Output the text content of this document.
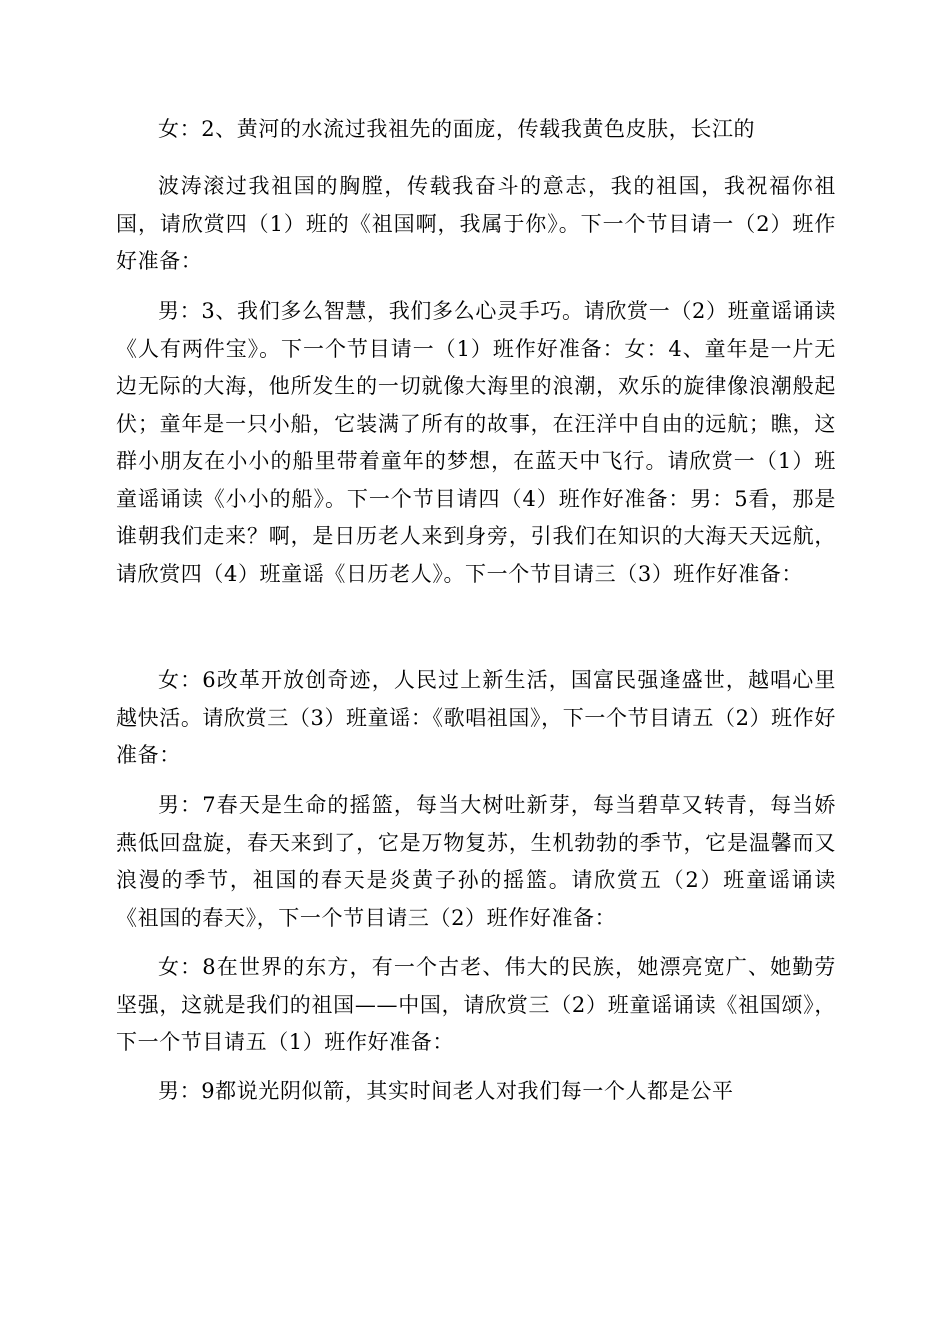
女：2、黄河的水流过我祖先的面庞，传载我黄色皮肤，长江的

波涛滚过我祖国的胸膛，传载我奋斗的意志，我的祖国，我祝福你祖国，请欣赏四（1）班的《祖国啊，我属于你》。下一个节目请一（2）班作好准备：

男：3、我们多么智慧，我们多么心灵手巧。请欣赏一（2）班童谣诵读《人有两件宝》。下一个节目请一（1）班作好准备：女：4、童年是一片无边无际的大海，他所发生的一切就像大海里的浪潮，欢乐的旋律像浪潮般起伏；童年是一只小船，它装满了所有的故事，在汪洋中自由的远航；瞧，这群小朋友在小小的船里带着童年的梦想，在蓝天中飞行。请欣赏一（1）班童谣诵读《小小的船》。下一个节目请四（4）班作好准备：男：5看，那是谁朝我们走来？啊，是日历老人来到身旁，引我们在知识的大海天天远航，请欣赏四（4）班童谣《日历老人》。下一个节目请三（3）班作好准备：

女：6改革开放创奇迹，人民过上新生活，国富民强逢盛世，越唱心里越快活。请欣赏三（3）班童谣：《歌唱祖国》，下一个节目请五（2）班作好准备：

男：7春天是生命的摇篮，每当大树吐新芽，每当碧草又转青，每当娇燕低回盘旋，春天来到了，它是万物复苏，生机勃勃的季节，它是温馨而又浪漫的季节，祖国的春天是炎黄子孙的摇篮。请欣赏五（2）班童谣诵读《祖国的春天》，下一个节目请三（2）班作好准备：

女：8在世界的东方，有一个古老、伟大的民族，她漂亮宽广、她勤劳坚强，这就是我们的祖国——中国，请欣赏三（2）班童谣诵读《祖国颂》，下一个节目请五（1）班作好准备：

男：9都说光阴似箭，其实时间老人对我们每一个人都是公平
